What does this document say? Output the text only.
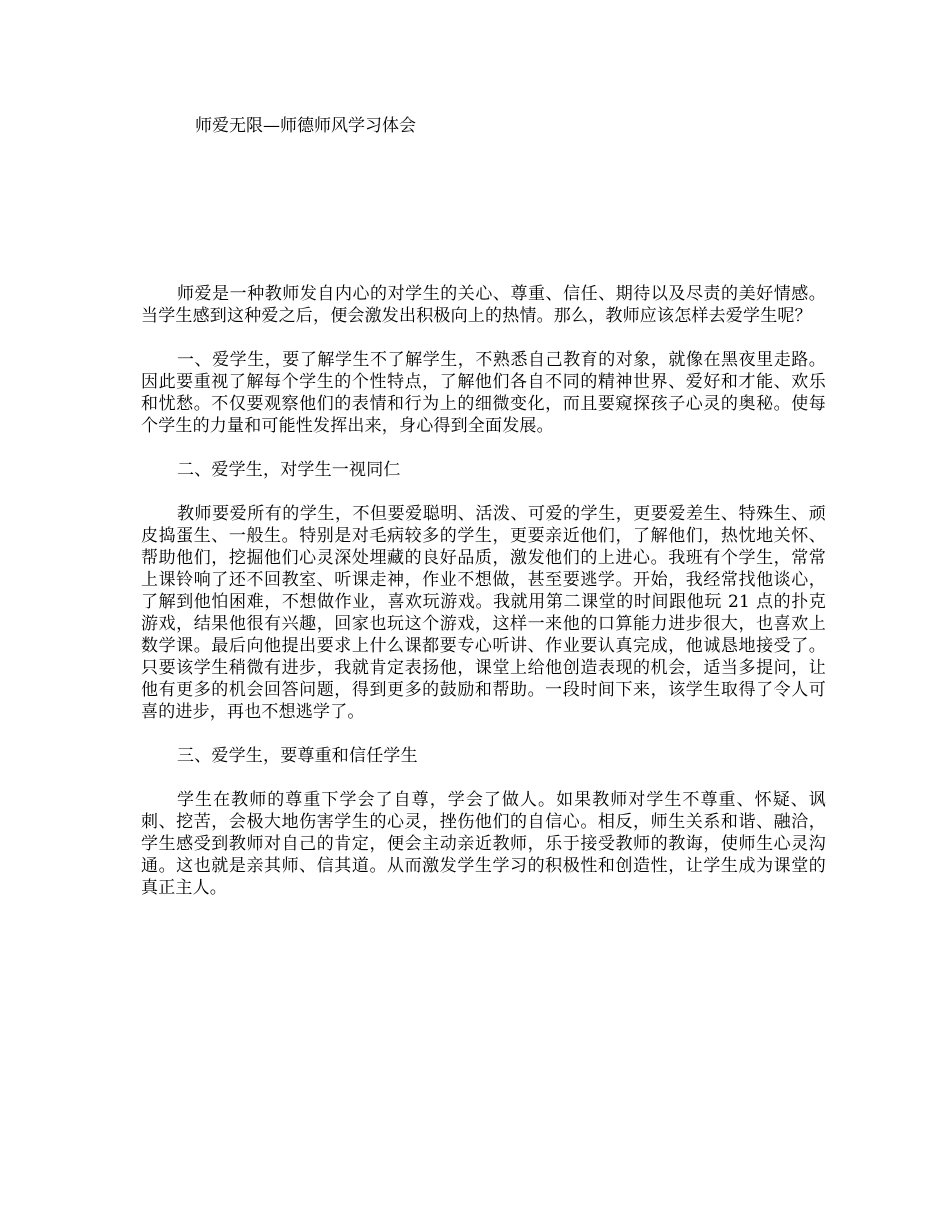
师爱无限—师德师风学习体会

师爱是一种教师发自内心的对学生的关心、尊重、信任、期待以及尽责的美好情感。当学生感到这种爱之后，便会激发出积极向上的热情。那么，教师应该怎样去爱学生呢？

一、爱学生，要了解学生不了解学生，不熟悉自己教育的对象，就像在黑夜里走路。因此要重视了解每个学生的个性特点，了解他们各自不同的精神世界、爱好和才能、欢乐和忧愁。不仅要观察他们的表情和行为上的细微变化，而且要窥探孩子心灵的奥秘。使每个学生的力量和可能性发挥出来，身心得到全面发展。

二、爱学生，对学生一视同仁

教师要爱所有的学生，不但要爱聪明、活泼、可爱的学生，更要爱差生、特殊生、顽皮捣蛋生、一般生。特别是对毛病较多的学生，更要亲近他们，了解他们，热忱地关怀、帮助他们，挖掘他们心灵深处埋藏的良好品质，激发他们的上进心。我班有个学生，常常上课铃响了还不回教室、听课走神，作业不想做，甚至要逃学。开始，我经常找他谈心，了解到他怕困难，不想做作业，喜欢玩游戏。我就用第二课堂的时间跟他玩 21 点的扑克游戏，结果他很有兴趣，回家也玩这个游戏，这样一来他的口算能力进步很大，也喜欢上数学课。最后向他提出要求上什么课都要专心听讲、作业要认真完成，他诚恳地接受了。只要该学生稍微有进步，我就肯定表扬他，课堂上给他创造表现的机会，适当多提问，让他有更多的机会回答问题，得到更多的鼓励和帮助。一段时间下来，该学生取得了令人可喜的进步，再也不想逃学了。

三、爱学生，要尊重和信任学生

学生在教师的尊重下学会了自尊，学会了做人。如果教师对学生不尊重、怀疑、讽刺、挖苦，会极大地伤害学生的心灵，挫伤他们的自信心。相反，师生关系和谐、融洽，学生感受到教师对自己的肯定，便会主动亲近教师，乐于接受教师的教诲，使师生心灵沟通。这也就是亲其师、信其道。从而激发学生学习的积极性和创造性，让学生成为课堂的真正主人。
